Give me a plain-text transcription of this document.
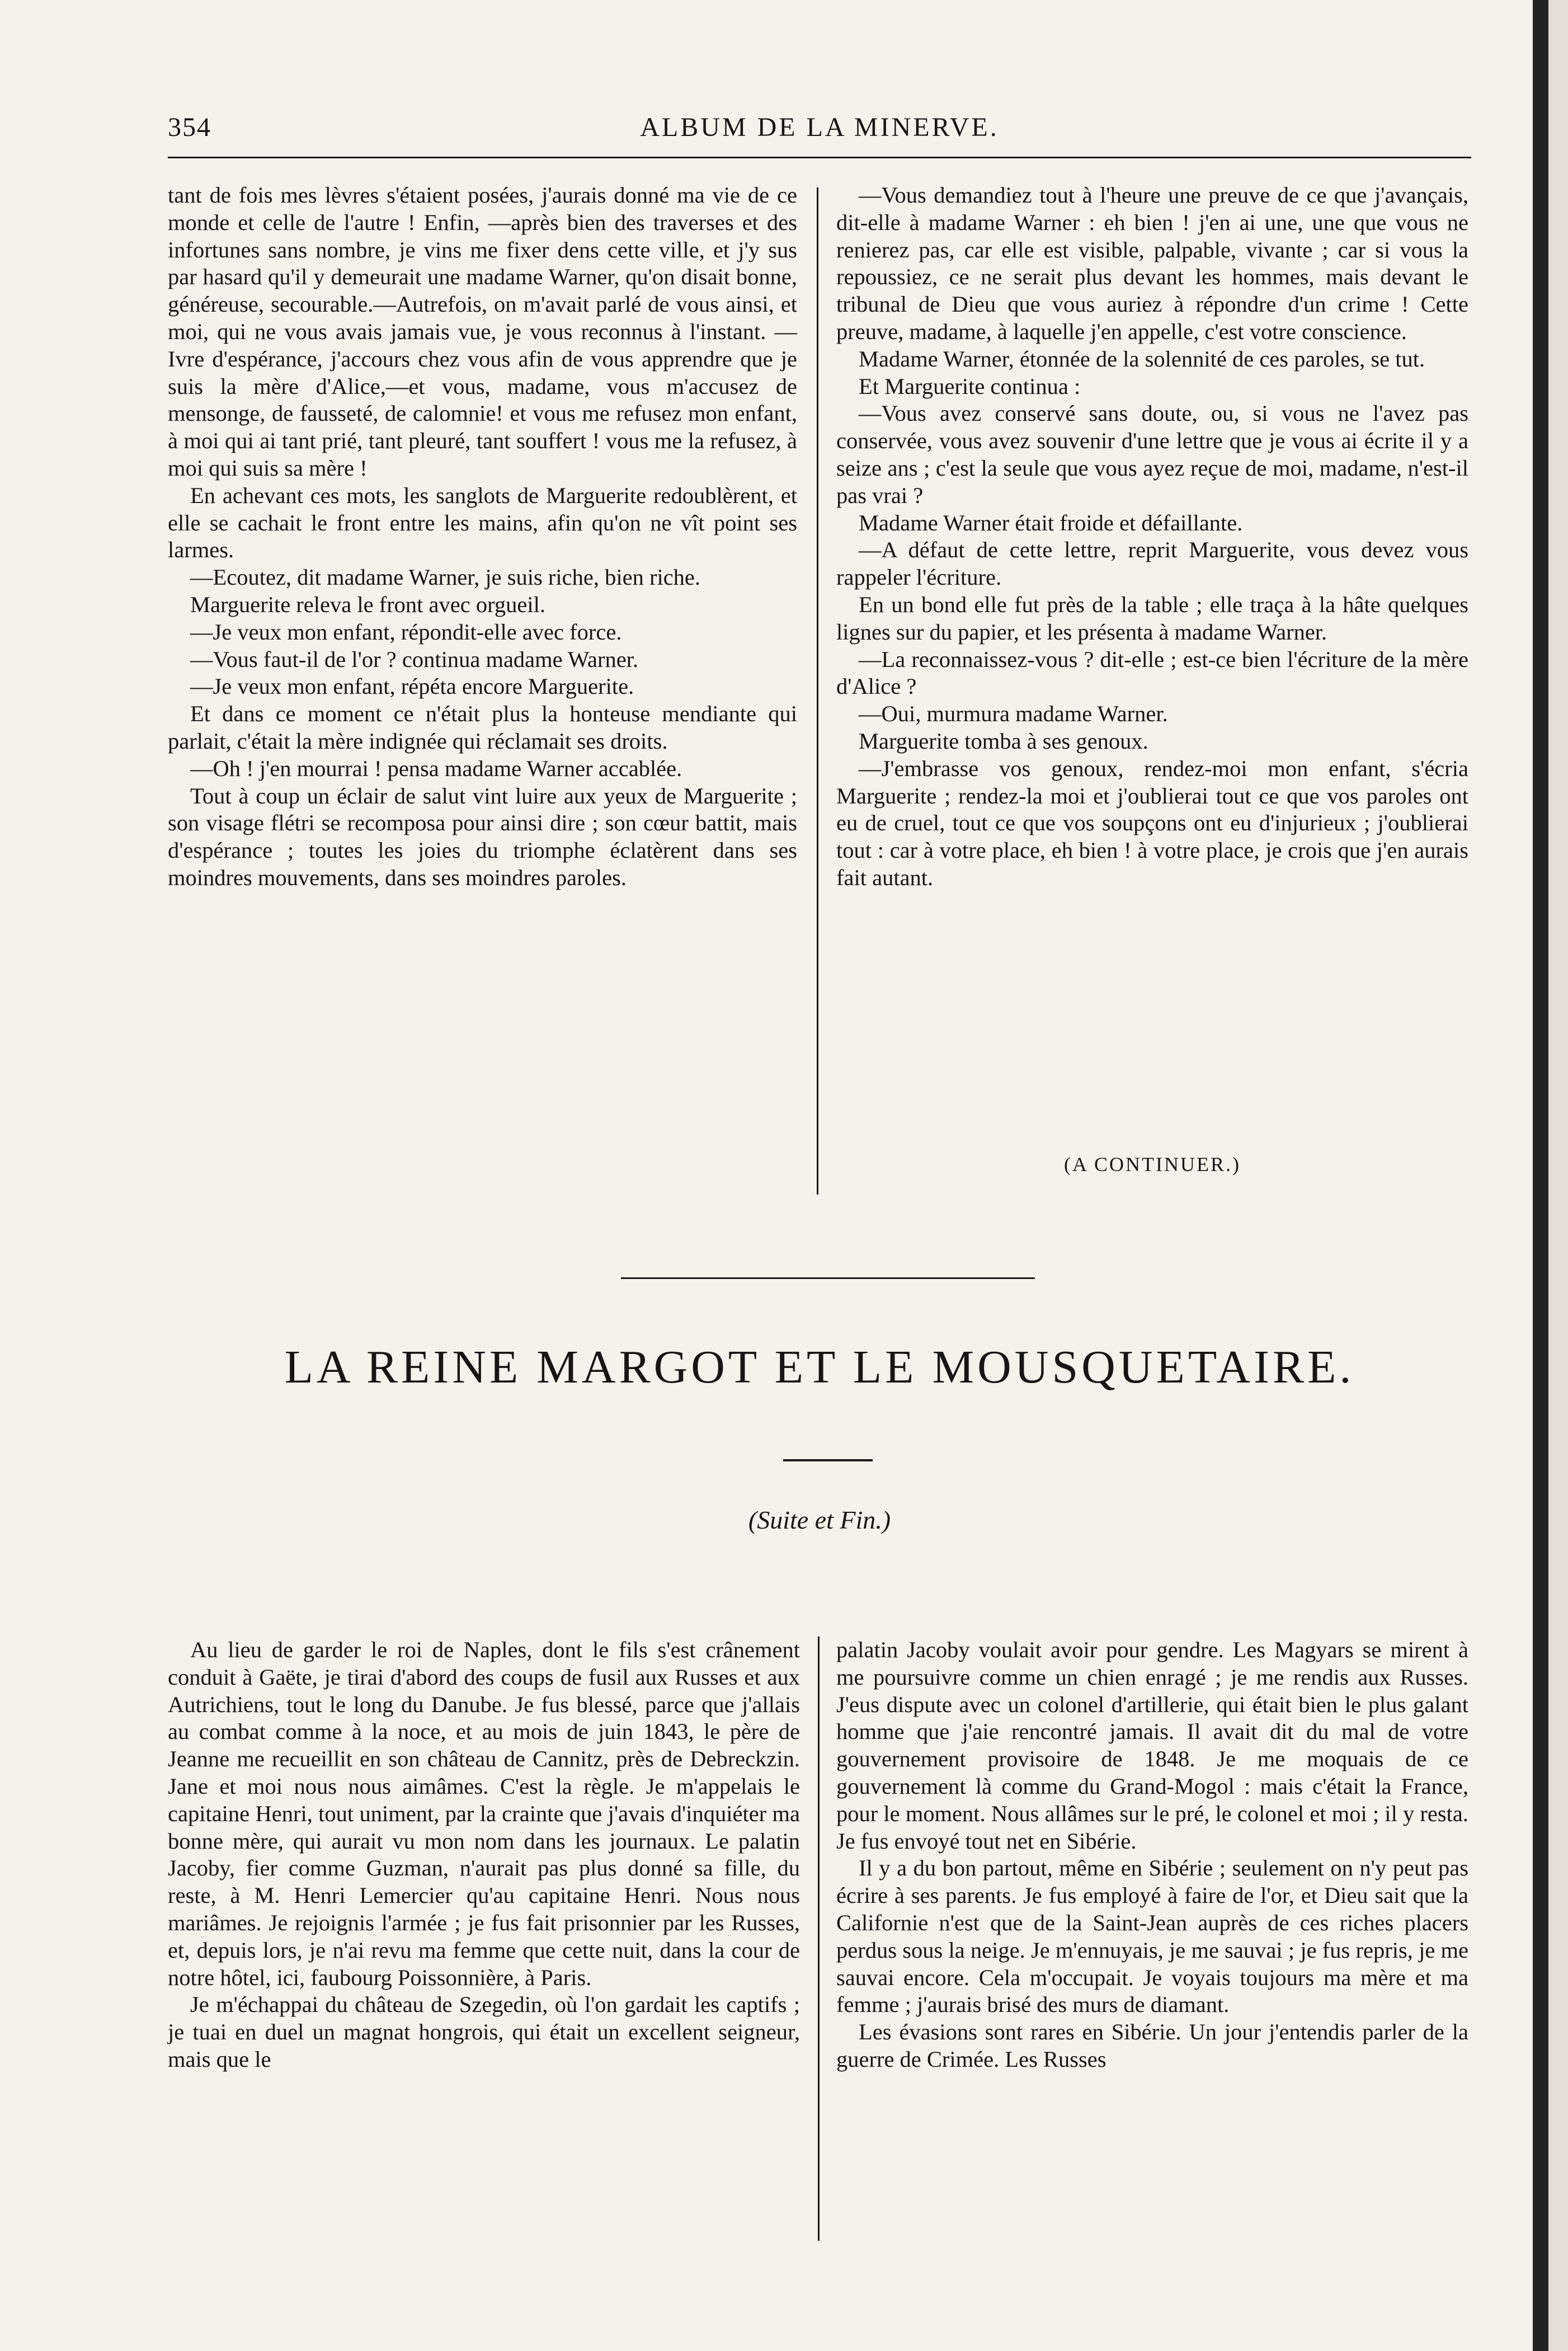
354	ALBUM DE LA MINERVE.

tant de fois mes lèvres s'étaient posées, j'aurais donné ma vie de ce monde et celle de l'autre ! Enfin, —après bien des traverses et des infortunes sans nombre, je vins me fixer dens cette ville, et j'y sus par hasard qu'il y demeurait une madame Warner, qu'on disait bonne, généreuse, secourable.—Autrefois, on m'avait parlé de vous ainsi, et moi, qui ne vous avais jamais vue, je vous reconnus à l'instant. —Ivre d'espérance, j'accours chez vous afin de vous apprendre que je suis la mère d'Alice,—et vous, madame, vous m'accusez de mensonge, de fausseté, de calomnie! et vous me refusez mon enfant, à moi qui ai tant prié, tant pleuré, tant souffert ! vous me la refusez, à moi qui suis sa mère !

En achevant ces mots, les sanglots de Marguerite redoublèrent, et elle se cachait le front entre les mains, afin qu'on ne vît point ses larmes.

—Ecoutez, dit madame Warner, je suis riche, bien riche.

Marguerite releva le front avec orgueil.

—Je veux mon enfant, répondit-elle avec force.

—Vous faut-il de l'or ? continua madame Warner.

—Je veux mon enfant, répéta encore Marguerite.

Et dans ce moment ce n'était plus la honteuse mendiante qui parlait, c'était la mère indignée qui réclamait ses droits.

—Oh ! j'en mourrai ! pensa madame Warner accablée.

Tout à coup un éclair de salut vint luire aux yeux de Marguerite ; son visage flétri se recomposa pour ainsi dire ; son cœur battit, mais d'espérance ; toutes les joies du triomphe éclatèrent dans ses moindres mouvements, dans ses moindres paroles.

—Vous demandiez tout à l'heure une preuve de ce que j'avançais, dit-elle à madame Warner : eh bien ! j'en ai une, une que vous ne renierez pas, car elle est visible, palpable, vivante ; car si vous la repoussiez, ce ne serait plus devant les hommes, mais devant le tribunal de Dieu que vous auriez à répondre d'un crime ! Cette preuve, madame, à laquelle j'en appelle, c'est votre conscience.

Madame Warner, étonnée de la solennité de ces paroles, se tut.

Et Marguerite continua :

—Vous avez conservé sans doute, ou, si vous ne l'avez pas conservée, vous avez souvenir d'une lettre que je vous ai écrite il y a seize ans ; c'est la seule que vous ayez reçue de moi, madame, n'est-il pas vrai ?

Madame Warner était froide et défaillante.

—A défaut de cette lettre, reprit Marguerite, vous devez vous rappeler l'écriture.

En un bond elle fut près de la table ; elle traça à la hâte quelques lignes sur du papier, et les présenta à madame Warner.

—La reconnaissez-vous ? dit-elle ; est-ce bien l'écriture de la mère d'Alice ?

—Oui, murmura madame Warner.

Marguerite tomba à ses genoux.

—J'embrasse vos genoux, rendez-moi mon enfant, s'écria Marguerite ; rendez-la moi et j'oublierai tout ce que vos paroles ont eu de cruel, tout ce que vos soupçons ont eu d'injurieux ; j'oublierai tout : car à votre place, eh bien ! à votre place, je crois que j'en aurais fait autant.

(A CONTINUER.)
LA REINE MARGOT ET LE MOUSQUETAIRE.
(Suite et Fin.)

Au lieu de garder le roi de Naples, dont le fils s'est crânement conduit à Gaëte, je tirai d'abord des coups de fusil aux Russes et aux Autrichiens, tout le long du Danube. Je fus blessé, parce que j'allais au combat comme à la noce, et au mois de juin 1843, le père de Jeanne me recueillit en son château de Cannitz, près de Debreckzin. Jane et moi nous nous aimâmes. C'est la règle. Je m'appelais le capitaine Henri, tout uniment, par la crainte que j'avais d'inquiéter ma bonne mère, qui aurait vu mon nom dans les journaux. Le palatin Jacoby, fier comme Guzman, n'aurait pas plus donné sa fille, du reste, à M. Henri Lemercier qu'au capitaine Henri. Nous nous mariâmes. Je rejoignis l'armée ; je fus fait prisonnier par les Russes, et, depuis lors, je n'ai revu ma femme que cette nuit, dans la cour de notre hôtel, ici, faubourg Poissonnière, à Paris.

Je m'échappai du château de Szegedin, où l'on gardait les captifs ; je tuai en duel un magnat hongrois, qui était un excellent seigneur, mais que le

palatin Jacoby voulait avoir pour gendre. Les Magyars se mirent à me poursuivre comme un chien enragé ; je me rendis aux Russes. J'eus dispute avec un colonel d'artillerie, qui était bien le plus galant homme que j'aie rencontré jamais. Il avait dit du mal de votre gouvernement provisoire de 1848. Je me moquais de ce gouvernement là comme du Grand-Mogol : mais c'était la France, pour le moment. Nous allâmes sur le pré, le colonel et moi ; il y resta. Je fus envoyé tout net en Sibérie.

Il y a du bon partout, même en Sibérie ; seulement on n'y peut pas écrire à ses parents. Je fus employé à faire de l'or, et Dieu sait que la Californie n'est que de la Saint-Jean auprès de ces riches placers perdus sous la neige. Je m'ennuyais, je me sauvai ; je fus repris, je me sauvai encore. Cela m'occupait. Je voyais toujours ma mère et ma femme ; j'aurais brisé des murs de diamant.

Les évasions sont rares en Sibérie. Un jour j'entendis parler de la guerre de Crimée. Les Russes
